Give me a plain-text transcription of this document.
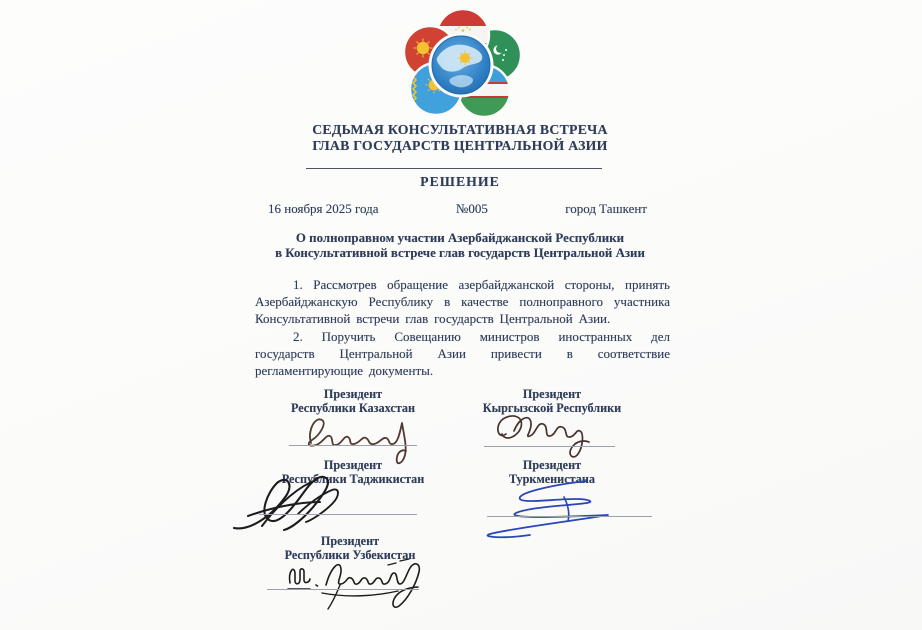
СЕДЬМАЯ КОНСУЛЬТАТИВНАЯ ВСТРЕЧА
ГЛАВ ГОСУДАРСТВ ЦЕНТРАЛЬНОЙ АЗИИ
РЕШЕНИЕ
16 ноября 2025 года	№005	город Ташкент
О полноправном участии Азербайджанской Республики
в Консультативной встрече глав государств Центральной Азии

1. Рассмотрев обращение азербайджанской стороны, принять Азербайджанскую Республику в качестве полноправного участника Консультативной встречи глав государств Центральной Азии.

2. Поручить Совещанию министров иностранных дел государств Центральной Азии привести в соответствие регламентирующие документы.

Президент
Республики Казахстан
Президент
Кыргызской Республики
Президент
Республики Таджикистан
Президент
Туркменистана
Президент
Республики Узбекистан
